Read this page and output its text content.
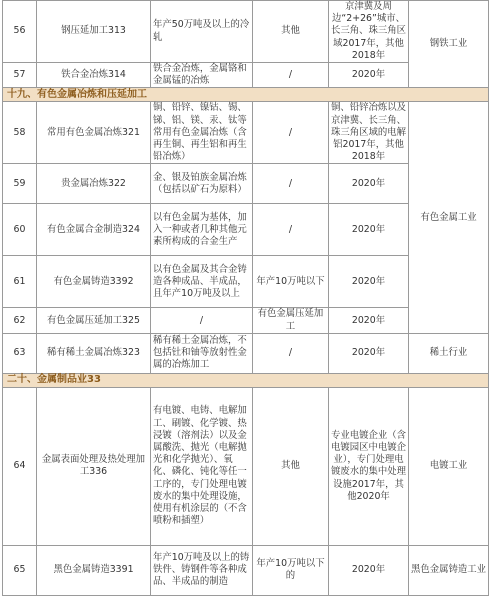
56	钢压延加工313	年产50万吨及以上的冷轧	其他	京津冀及周边“2+26”城市、长三角、珠三角区域2017年，其他2018年	钢铁工业
57	铁合金冶炼314	铁合金冶炼，金属铬和金属锰的冶炼	/	2020年	
十九、有色金属冶炼和压延加工					
58	常用有色金属冶炼321	铜、铅锌、镍钴、锡、锑、铝、镁、汞、钛等常用有色金属冶炼（含再生铜、再生铝和再生铅冶炼）	/	铜、铅锌冶炼以及京津冀、长三角、珠三角区域的电解铝2017年，其他2018年	有色金属工业
59	贵金属冶炼322	金、银及铂族金属冶炼（包括以矿石为原料）	/	2020年	
60	有色金属合金制造324	以有色金属为基体，加入一种或者几种其他元素所构成的合金生产	/	2020年	
61	有色金属铸造3392	以有色金属及其合金铸造各种成品、半成品，且年产10万吨及以上	年产10万吨以下	2020年	
62	有色金属压延加工325	/	有色金属压延加工	2020年	
63	稀有稀土金属冶炼323	稀有稀土金属冶炼，不包括钍和铀等放射性金属的冶炼加工	/	2020年	稀土行业
二十、金属制品业33					
64	金属表面处理及热处理加工336	有电镀、电铸、电解加工、刷镀、化学镀、热浸镀（溶剂法）以及金属酸洗、抛光（电解抛光和化学抛光）、氧化、磷化、钝化等任一工序的，专门处理电镀废水的集中处理设施，使用有机涂层的（不含喷粉和插塑）	其他	专业电镀企业（含电镀园区中电镀企业），专门处理电镀废水的集中处理设施2017年，其他2020年	电镀工业
65	黑色金属铸造3391	年产10万吨及以上的铸铁件、铸钢件等各种成品、半成品的制造	年产10万吨以下的	2020年	黑色金属铸造工业
